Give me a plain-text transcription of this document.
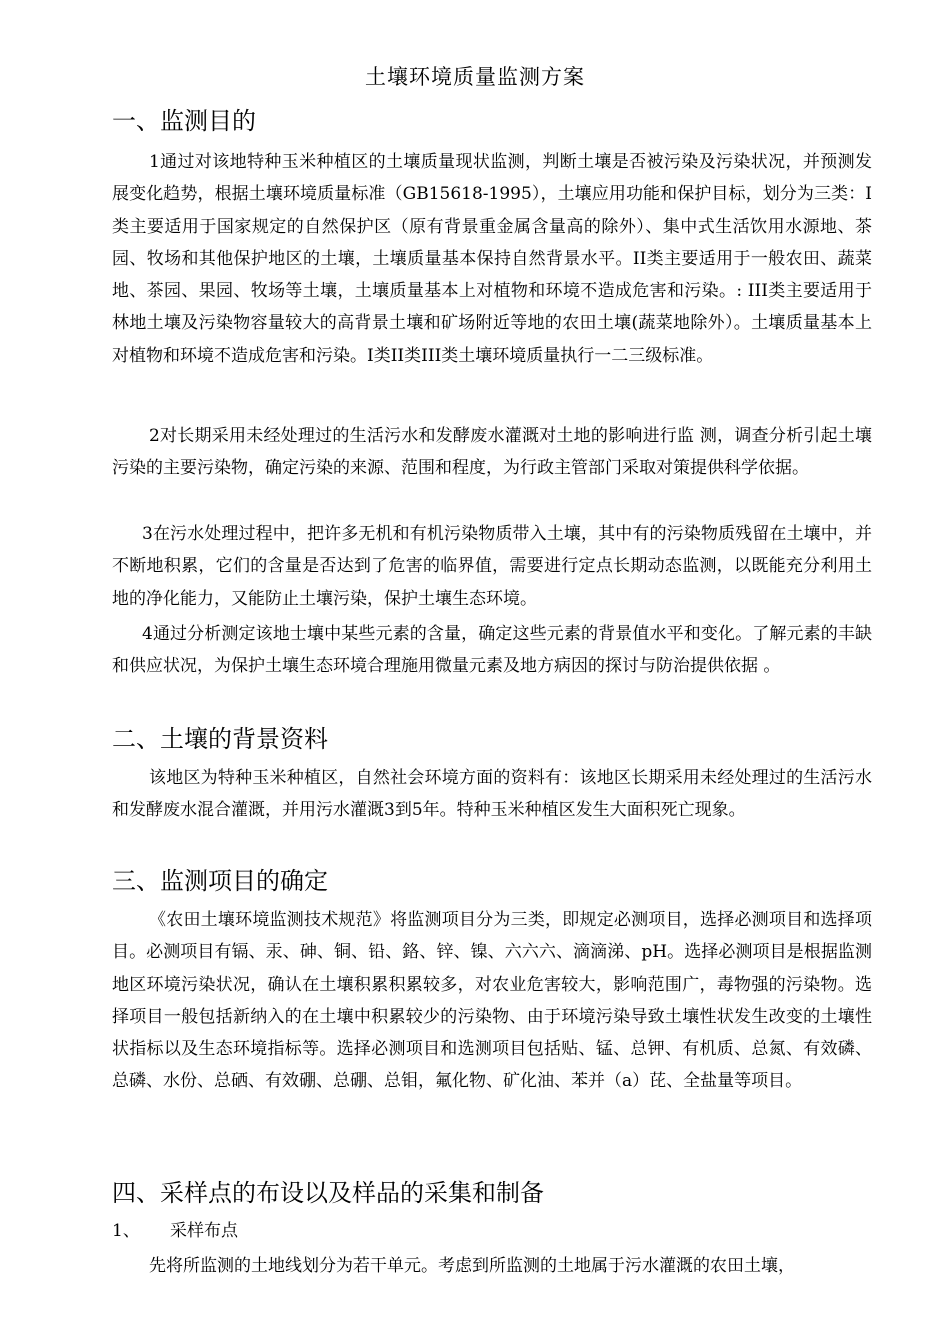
土壤环境质量监测方案
一、监测目的
1通过对该地特种玉米种植区的土壤质量现状监测，判断土壤是否被污染及污染状况，并预测发展变化趋势，根据土壤环境质量标准（GB15618-1995），土壤应用功能和保护目标，划分为三类：I类主要适用于国家规定的自然保护区（原有背景重金属含量高的除外）、集中式生活饮用水源地、茶园、牧场和其他保护地区的土壤，土壤质量基本保持自然背景水平。II类主要适用于一般农田、蔬菜地、茶园、果园、牧场等土壤，土壤质量基本上对植物和环境不造成危害和污染。: III类主要适用于林地土壤及污染物容量较大的高背景土壤和矿场附近等地的农田土壤(蔬菜地除外）。土壤质量基本上对植物和环境不造成危害和污染。I类II类III类土壤环境质量执行一二三级标准。
2对长期采用未经处理过的生活污水和发酵废水灌溉对土地的影响进行监 测，调查分析引起土壤污染的主要污染物，确定污染的来源、范围和程度，为行政主管部门采取对策提供科学依据。
3在污水处理过程中，把许多无机和有机污染物质带入土壤，其中有的污染物质残留在土壤中，并不断地积累，它们的含量是否达到了危害的临界值，需要进行定点长期动态监测，以既能充分利用土地的净化能力，又能防止土壤污染，保护土壤生态环境。
4通过分析测定该地士壤中某些元素的含量，确定这些元素的背景值水平和变化。了解元素的丰缺和供应状况，为保护土壤生态环境合理施用微量元素及地方病因的探讨与防治提供依据 。
二、土壤的背景资料
该地区为特种玉米种植区，自然社会环境方面的资料有：该地区长期采用未经处理过的生活污水和发酵废水混合灌溉，并用污水灌溉3到5年。特种玉米种植区发生大面积死亡现象。
三、监测项目的确定
《农田土壤环境监测技术规范》将监测项目分为三类，即规定必测项目，选择必测项目和选择项目。必测项目有镉、汞、砷、铜、铅、鉻、锌、镍、六六六、滴滴涕、pH。选择必测项目是根据监测地区环境污染状况，确认在土壤积累积累较多，对农业危害较大，影响范围广，毒物强的污染物。选择项目一般包括新纳入的在土壤中积累较少的污染物、由于环境污染导致土壤性状发生改变的土壤性状指标以及生态环境指标等。选择必测项目和选测项目包括贴、锰、总钾、有机质、总氮、有效磷、总磷、水份、总硒、有效硼、总硼、总钼，氟化物、矿化油、苯并（a）芘、全盐量等项目。
四、采样点的布设以及样品的采集和制备
1、 采样布点
先将所监测的土地线划分为若干单元。考虑到所监测的土地属于污水灌溉的农田土壤，
